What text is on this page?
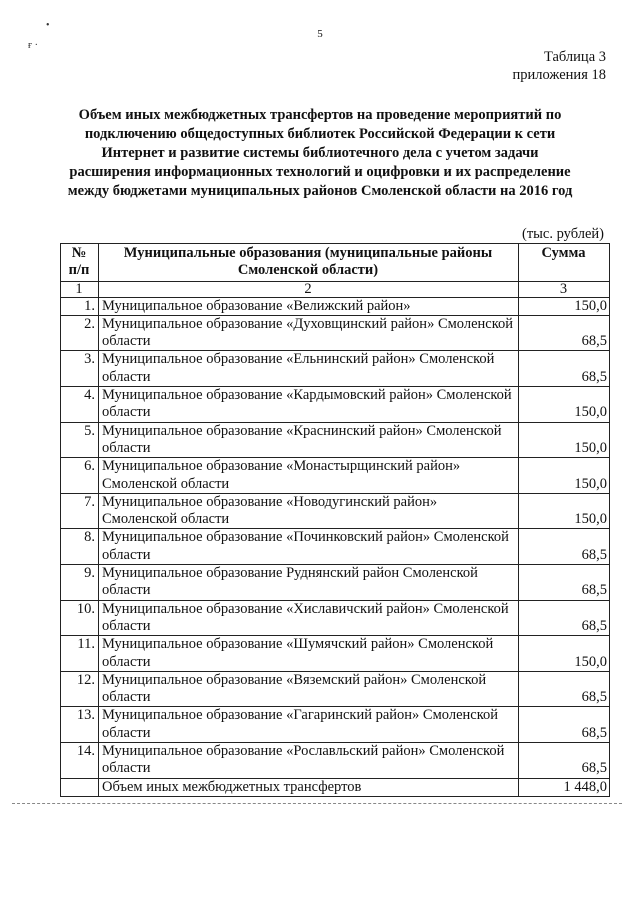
5
•
ғ ·
Таблица 3
приложения 18
Объем иных межбюджетных трансфертов на проведение мероприятий по подключению общедоступных библиотек Российской Федерации к сети Интернет и развитие системы библиотечного дела с учетом задачи расширения информационных технологий и оцифровки и их распределение между бюджетами муниципальных районов Смоленской области на 2016 год
(тыс. рублей)
№ п/п	Муниципальные образования (муниципальные районы Смоленской области)	Сумма
1	2	3
1.	Муниципальное образование «Велижский район»	150,0
2.	Муниципальное образование «Духовщинский район» Смоленской области	68,5
3.	Муниципальное образование «Ельнинский район» Смоленской области	68,5
4.	Муниципальное образование «Кардымовский район» Смоленской области	150,0
5.	Муниципальное образование «Краснинский район» Смоленской области	150,0
6.	Муниципальное образование «Монастырщинский район» Смоленской области	150,0
7.	Муниципальное образование «Новодугинский район» Смоленской области	150,0
8.	Муниципальное образование «Починковский район» Смоленской области	68,5
9.	Муниципальное образование Руднянский район Смоленской области	68,5
10.	Муниципальное образование «Хиславичский район» Смоленской области	68,5
11.	Муниципальное образование «Шумячский район» Смоленской области	150,0
12.	Муниципальное образование «Вяземский район» Смоленской области	68,5
13.	Муниципальное образование «Гагаринский район» Смоленской области	68,5
14.	Муниципальное образование «Рославльский район» Смоленской области	68,5
	Объем иных межбюджетных трансфертов	1 448,0
